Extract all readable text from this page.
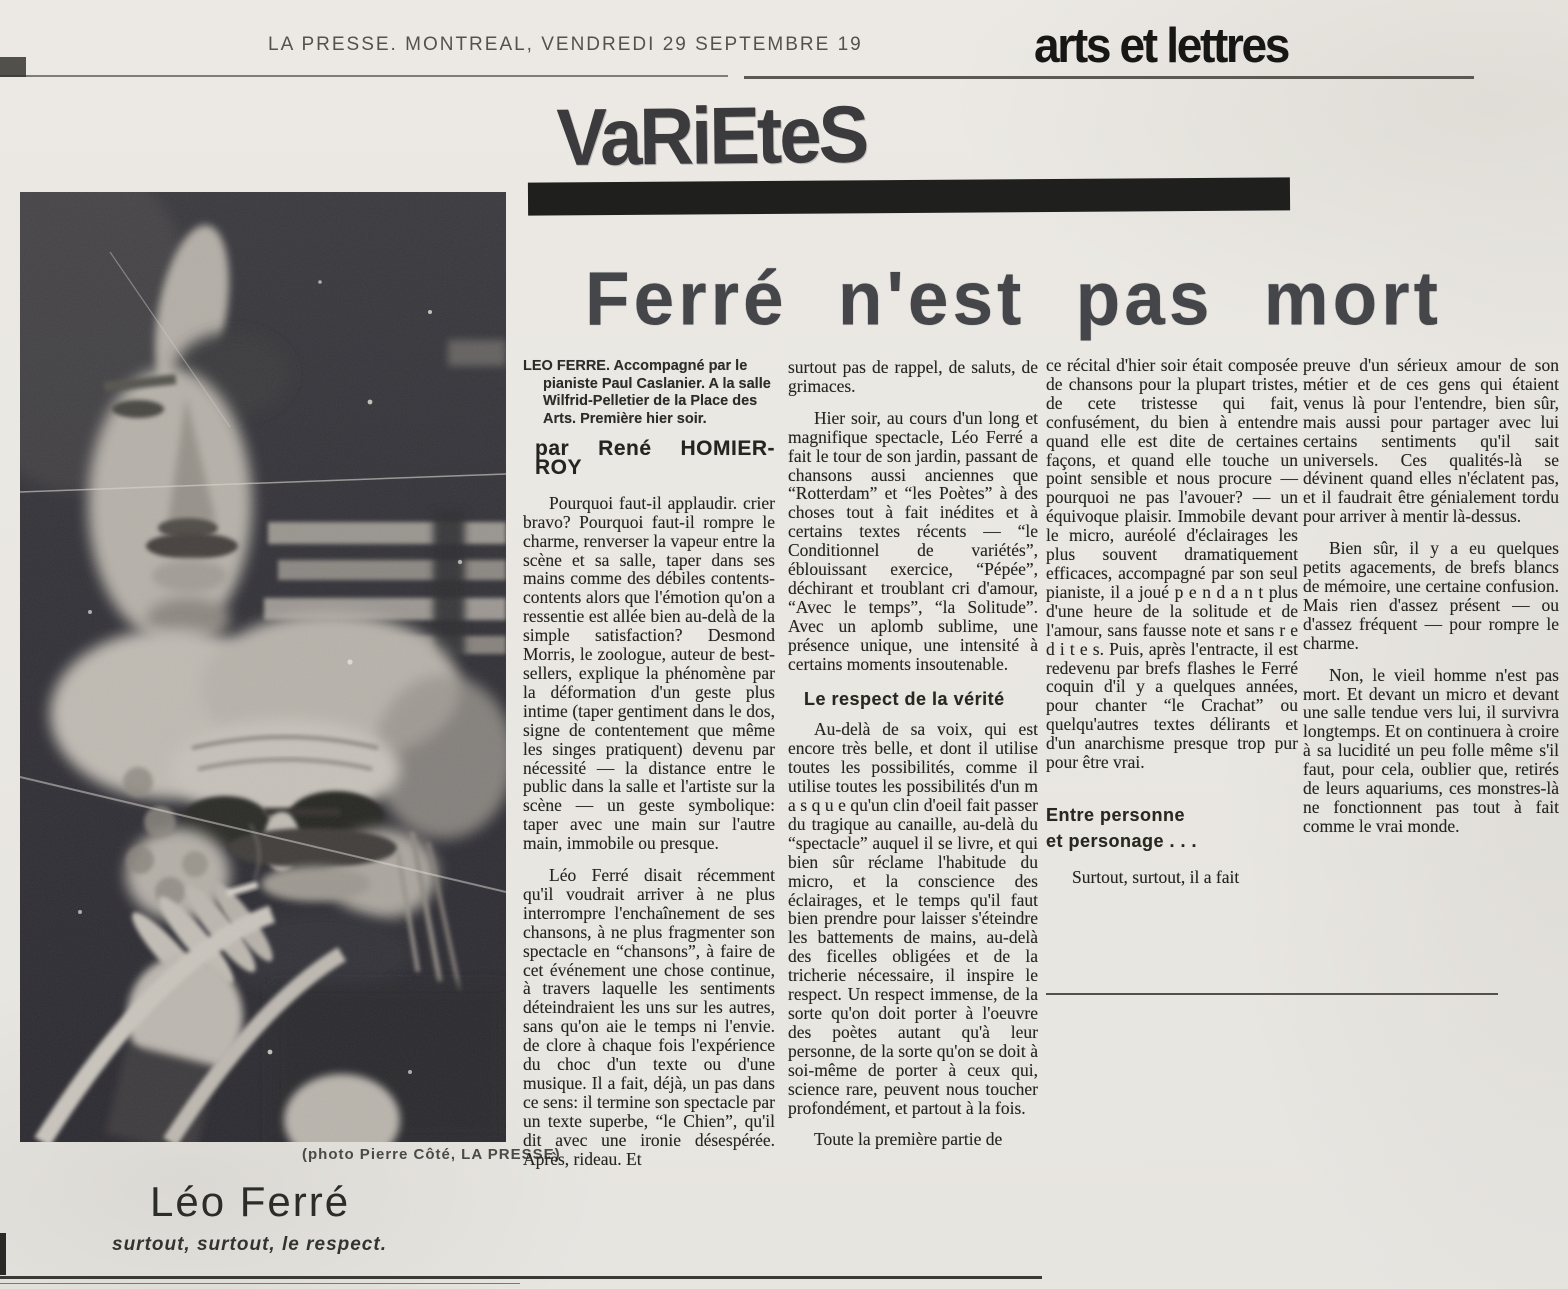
LA PRESSE. MONTREAL, VENDREDI 29 SEPTEMBRE 19	arts et lettres
VaRiEteS
Ferré n'est pas mort
(photo Pierre Côté, LA PRESSE)
Léo Ferré
surtout, surtout, le respect.
LEO FERRE. Accompagné par le pianiste Paul Caslanier. A la salle Wilfrid-Pelletier de la Place des Arts. Première hier soir.
par René HOMIER-ROY

Pourquoi faut-il applaudir. crier bravo? Pourquoi faut-il rompre le charme, renverser la vapeur entre la scène et sa salle, taper dans ses mains comme des débiles contents-contents alors que l'émotion qu'on a ressentie est allée bien au-delà de la simple satisfaction? Desmond Morris, le zoologue, auteur de best-sellers, explique la phénomène par la déformation d'un geste plus intime (taper gentiment dans le dos, signe de contentement que même les singes pratiquent) devenu par nécessité — la distance entre le public dans la salle et l'artiste sur la scène — un geste symbolique: taper avec une main sur l'autre main, immobile ou presque.

Léo Ferré disait récemment qu'il voudrait arriver à ne plus interrompre l'enchaînement de ses chansons, à ne plus fragmenter son spectacle en “chansons”, à faire de cet événement une chose continue, à travers laquelle les sentiments déteindraient les uns sur les autres, sans qu'on aie le temps ni l'envie. de clore à chaque fois l'expérience du choc d'un texte ou d'une musique. Il a fait, déjà, un pas dans ce sens: il termine son spectacle par un texte superbe, “le Chien”, qu'il dit avec une ironie désespérée. Après, rideau. Et

surtout pas de rappel, de saluts, de grimaces.

Hier soir, au cours d'un long et magnifique spectacle, Léo Ferré a fait le tour de son jardin, passant de chansons aussi anciennes que “Rotterdam” et “les Poètes” à des choses tout à fait inédites et à certains textes récents — “le Conditionnel de variétés”, éblouissant exercice, “Pépée”, déchirant et troublant cri d'amour, “Avec le temps”, “la Solitude”. Avec un aplomb sublime, une présence unique, une intensité à certains moments insoutenable.

Le respect de la vérité

Au-delà de sa voix, qui est encore très belle, et dont il utilise toutes les possibilités, comme il utilise toutes les possibilités d'un m a s q u e qu'un clin d'oeil fait passer du tragique au canaille, au-delà du “spectacle” auquel il se livre, et qui bien sûr réclame l'habitude du micro, et la conscience des éclairages, et le temps qu'il faut bien prendre pour laisser s'éteindre les battements de mains, au-delà des ficelles obligées et de la tricherie nécessaire, il inspire le respect. Un respect immense, de la sorte qu'on doit porter à l'oeuvre des poètes autant qu'à leur personne, de la sorte qu'on se doit à soi-même de porter à ceux qui, science rare, peuvent nous toucher profondément, et partout à la fois.

Toute la première partie de

ce récital d'hier soir était composée de chansons pour la plupart tristes, de cete tristesse qui fait, confusément, du bien à entendre quand elle est dite de certaines façons, et quand elle touche un point sensible et nous procure — pourquoi ne pas l'avouer? — un équivoque plaisir. Immobile devant le micro, auréolé d'éclairages les plus souvent dramatiquement efficaces, accompagné par son seul pianiste, il a joué p e n d a n t plus d'une heure de la solitude et de l'amour, sans fausse note et sans r e d i t e s. Puis, après l'entracte, il est redevenu par brefs flashes le Ferré coquin d'il y a quelques années, pour chanter “le Crachat” ou quelqu'autres textes délirants et d'un anarchisme presque trop pur pour être vrai.

Entre personne
et personage . . .

Surtout, surtout, il a fait

preuve d'un sérieux amour de son métier et de ces gens qui étaient venus là pour l'entendre, bien sûr, mais aussi pour partager avec lui certains sentiments qu'il sait universels. Ces qualités-là se dévinent quand elles n'éclatent pas, et il faudrait être génialement tordu pour arriver à mentir là-dessus.

Bien sûr, il y a eu quelques petits agacements, de brefs blancs de mémoire, une certaine confusion. Mais rien d'assez présent — ou d'assez fréquent — pour rompre le charme.

Non, le vieil homme n'est pas mort. Et devant un micro et devant une salle tendue vers lui, il survivra longtemps. Et on continuera à croire à sa lucidité un peu folle même s'il faut, pour cela, oublier que, retirés de leurs aquariums, ces monstres-là ne fonctionnent pas tout à fait comme le vrai monde.
